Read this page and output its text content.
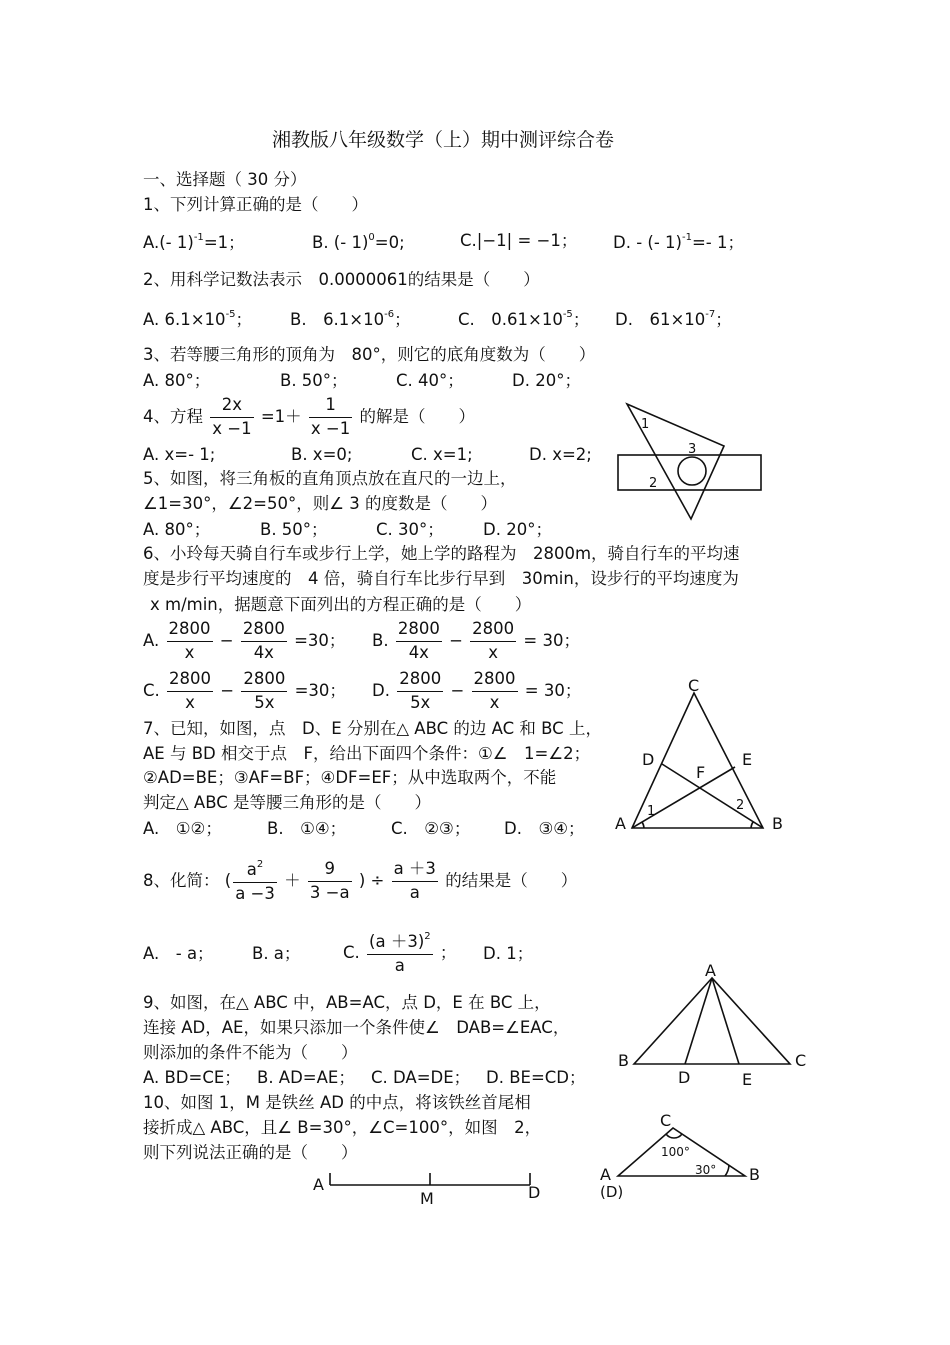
湘教版八年级数学（上）期中测评综合卷
一、选择题（ 30 分）
1、下列计算正确的是（　　）
A.(- 1)$^{-1}$=1；	B. (- 1)$^0$=0;	C.|−1| = −1； D. - (- 1)$^{-1}$=- 1；
2、用科学记数法表示　0.0000061的结果是（　　）
A. $6.1\times 10^{-5}$； B.　$6.1\times 10^{-6}$；	C.　$0.61\times 10^{-5}$； D.　$61\times 10^{-7}$；
3、若等腰三角形的顶角为　80°，则它的底角度数为（　　）
A. 80°；	B. 50°；	C. 40°；	D. 20°；
4、方程 $\frac{2x}{x -1} =1+ \frac{1}{x -1}$ 的解是（　　）
A. x=- 1;	B. x=0;	C. x=1;	D. x=2;
5、如图，将三角板的直角顶点放在直尺的一边上，
∠1=30°，∠2=50°，则∠ 3 的度数是（　　）
A. 80°；	B. 50°；	C. 30°； D. 20°；
1
2
3
6、小玲每天骑自行车或步行上学，她上学的路程为　2800m，骑自行车的平均速
度是步行平均速度的　4 倍，骑自行车比步行早到　30min，设步行的平均速度为
x m/min，据题意下面列出的方程正确的是（　　）
A. $\frac{2800}{x} - \frac{2800}{4x} =30$； B. $\frac{2800}{4x} - \frac{2800}{x} = 30$；
C. $\frac{2800}{x} - \frac{2800}{5x} =30$； D. $\frac{2800}{5x} - \frac{2800}{x} = 30$；
7、已知，如图，点　D、E 分别在△ ABC 的边 AC 和 BC 上，
AE 与 BD 相交于点　F，给出下面四个条件：①∠　1=∠2；
②AD=BE；③AF=BF；④DF=EF；从中选取两个，不能
判定△ ABC 是等腰三角形的是（　　）
A.　①②；	B.　①④；	C.　②③； D.　③④；
C
A	B
D	E
F
1	2
8、化简： ( $\frac{a^2}{a -3} + \frac{9}{3 -a}$ ) ÷ $\frac{a +3}{a}$ 的结果是（　　）
A.　- a； B. a；	C. $\frac{(a +3)^2}{a}$ ； D. 1；
9、如图，在△ ABC 中，AB=AC，点 D，E 在 BC 上，
连接 AD，AE，如果只添加一个条件使∠　DAB=∠EAC，
则添加的条件不能为（　　）
A. BD=CE； B. AD=AE； C. DA=DE； D. BE=CD；
A
B	C
D	E
10、如图 1，M 是铁丝 AD 的中点，将该铁丝首尾相
接折成△ ABC，且∠ B=30°，∠C=100°，如图　2，
则下列说法正确的是（　　）
A
M	D
C
A	B
(D)
100°
30°
